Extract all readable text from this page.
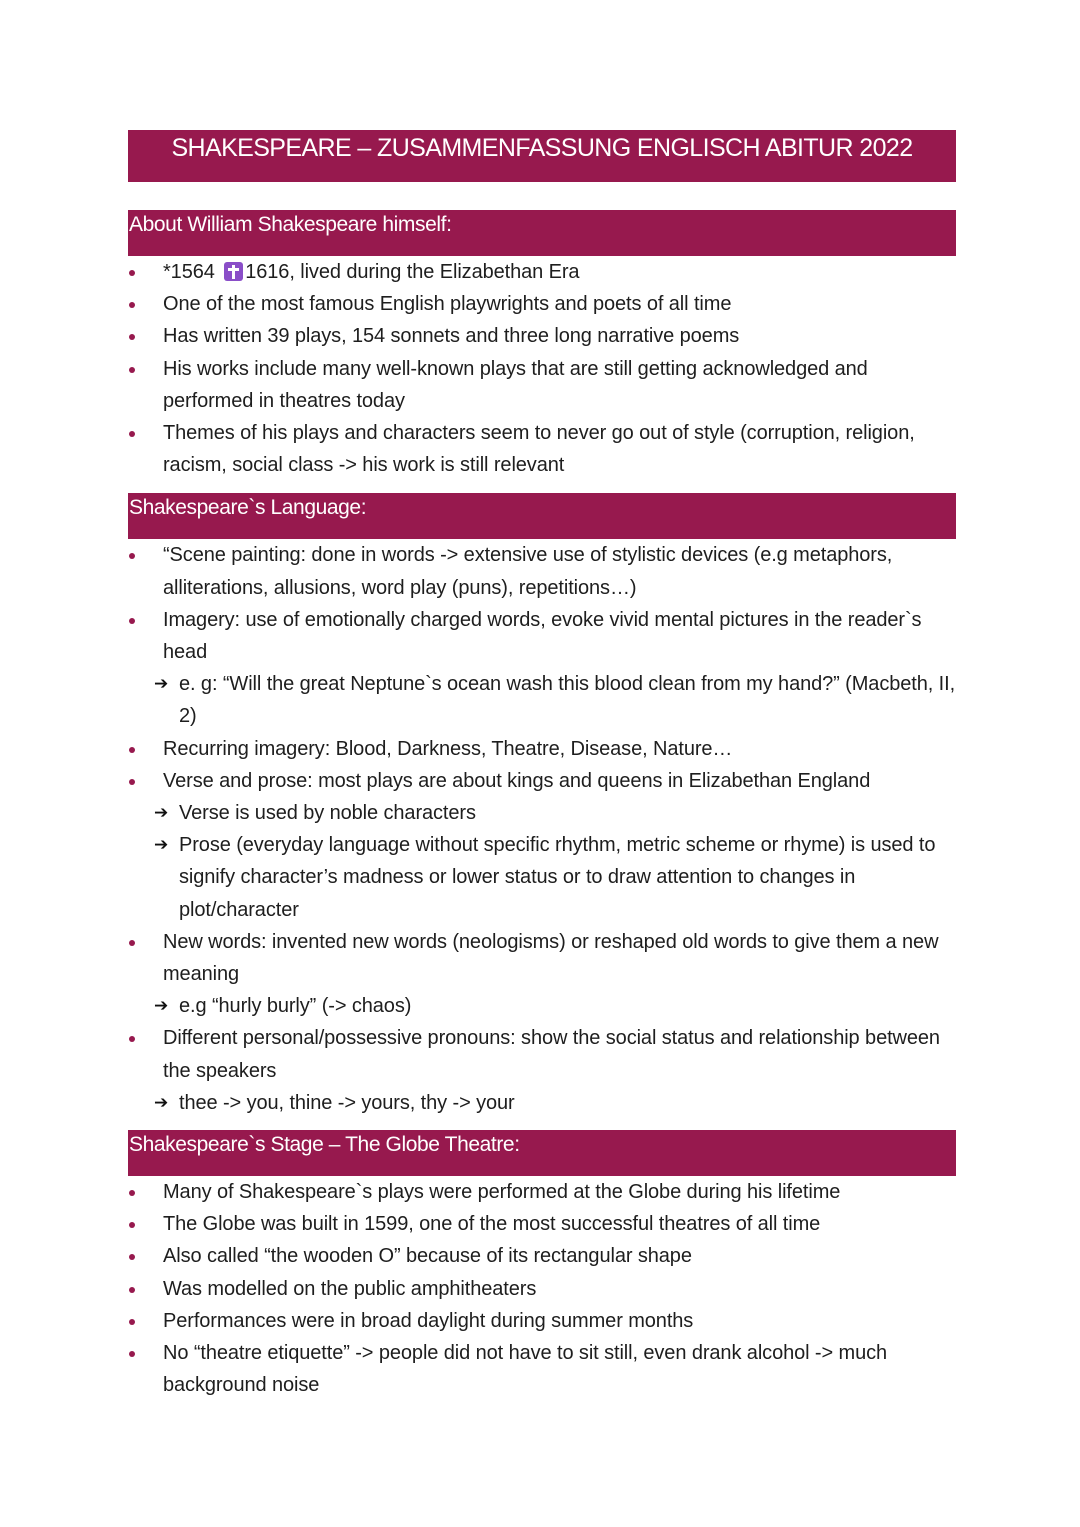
SHAKESPEARE – ZUSAMMENFASSUNG ENGLISCH ABITUR 2022
About William Shakespeare himself:
*1564 1616, lived during the Elizabethan Era
One of the most famous English playwrights and poets of all time
Has written 39 plays, 154 sonnets and three long narrative poems
His works include many well-known plays that are still getting acknowledged and performed in theatres today
Themes of his plays and characters seem to never go out of style (corruption, religion, racism, social class -> his work is still relevant
Shakespeare`s Language:
“Scene painting: done in words -> extensive use of stylistic devices (e.g metaphors, alliterations, allusions, word play (puns), repetitions…)
Imagery: use of emotionally charged words, evoke vivid mental pictures in the reader`s head
➔ e. g: “Will the great Neptune`s ocean wash this blood clean from my hand?” (Macbeth, II, 2)
Recurring imagery: Blood, Darkness, Theatre, Disease, Nature…
Verse and prose: most plays are about kings and queens in Elizabethan England
➔ Verse is used by noble characters
➔ Prose (everyday language without specific rhythm, metric scheme or rhyme) is used to signify character’s madness or lower status or to draw attention to changes in plot/character
New words: invented new words (neologisms) or reshaped old words to give them a new meaning
➔ e.g “hurly burly” (-> chaos)
Different personal/possessive pronouns: show the social status and relationship between the speakers
➔ thee -> you, thine -> yours, thy -> your
Shakespeare`s Stage – The Globe Theatre:
Many of Shakespeare`s plays were performed at the Globe during his lifetime
The Globe was built in 1599, one of the most successful theatres of all time
Also called “the wooden O” because of its rectangular shape
Was modelled on the public amphitheaters
Performances were in broad daylight during summer months
No “theatre etiquette” -> people did not have to sit still, even drank alcohol -> much background noise
